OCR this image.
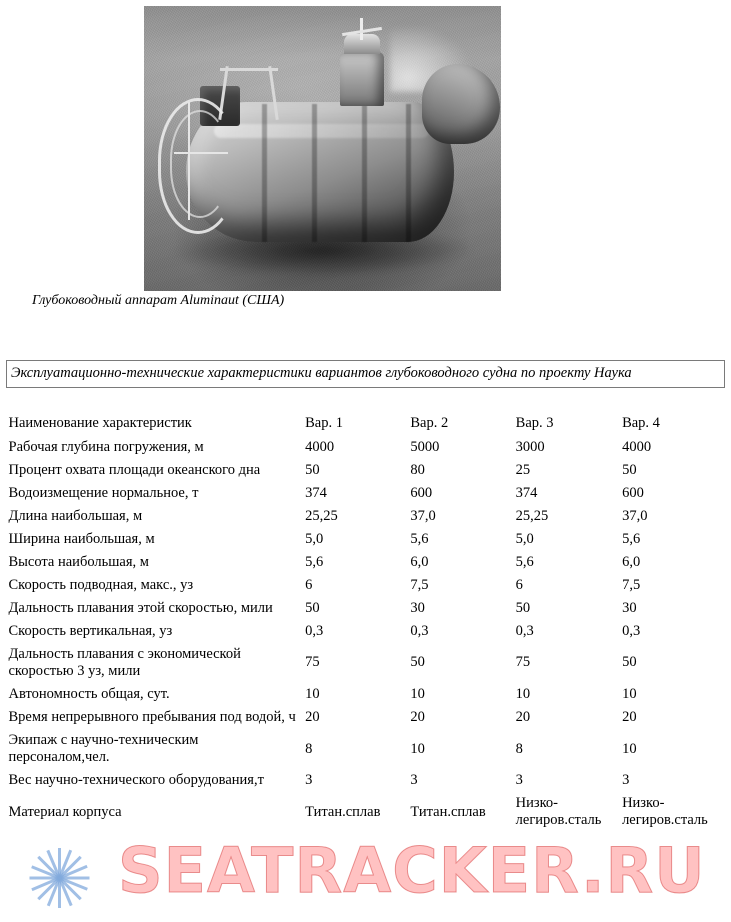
Глубоководный аппарат Aluminaut (США)
Эксплуатационно-технические характеристики вариантов глубоководного судна по проекту Наука				

Наименование характеристик	Вар. 1	Вар. 2	Вар. 3	Вар. 4
Рабочая глубина погружения, м	4000	5000	3000	4000
Процент охвата площади океанского дна	50	80	25	50
Водоизмещение нормальное, т	374	600	374	600
Длина наибольшая, м	25,25	37,0	25,25	37,0
Ширина наибольшая, м	5,0	5,6	5,0	5,6
Высота наибольшая, м	5,6	6,0	5,6	6,0
Скорость подводная, макс., уз	6	7,5	6	7,5
Дальность плавания этой скоростью, мили	50	30	50	30
Скорость вертикальная, уз	0,3	0,3	0,3	0,3
Дальность плавания с экономической скоростью 3 уз, мили	75	50	75	50
Автономность общая, сут.	10	10	10	10
Время непрерывного пребывания под водой, ч	20	20	20	20
Экипаж с научно-техническим персоналом,чел.	8	10	8	10
Вес научно-технического оборудования,т	3	3	3	3
Материал корпуса	Титан.сплав	Титан.сплав	Низко-легиров.сталь	Низко-легиров.сталь
SEATRACKER.RU
